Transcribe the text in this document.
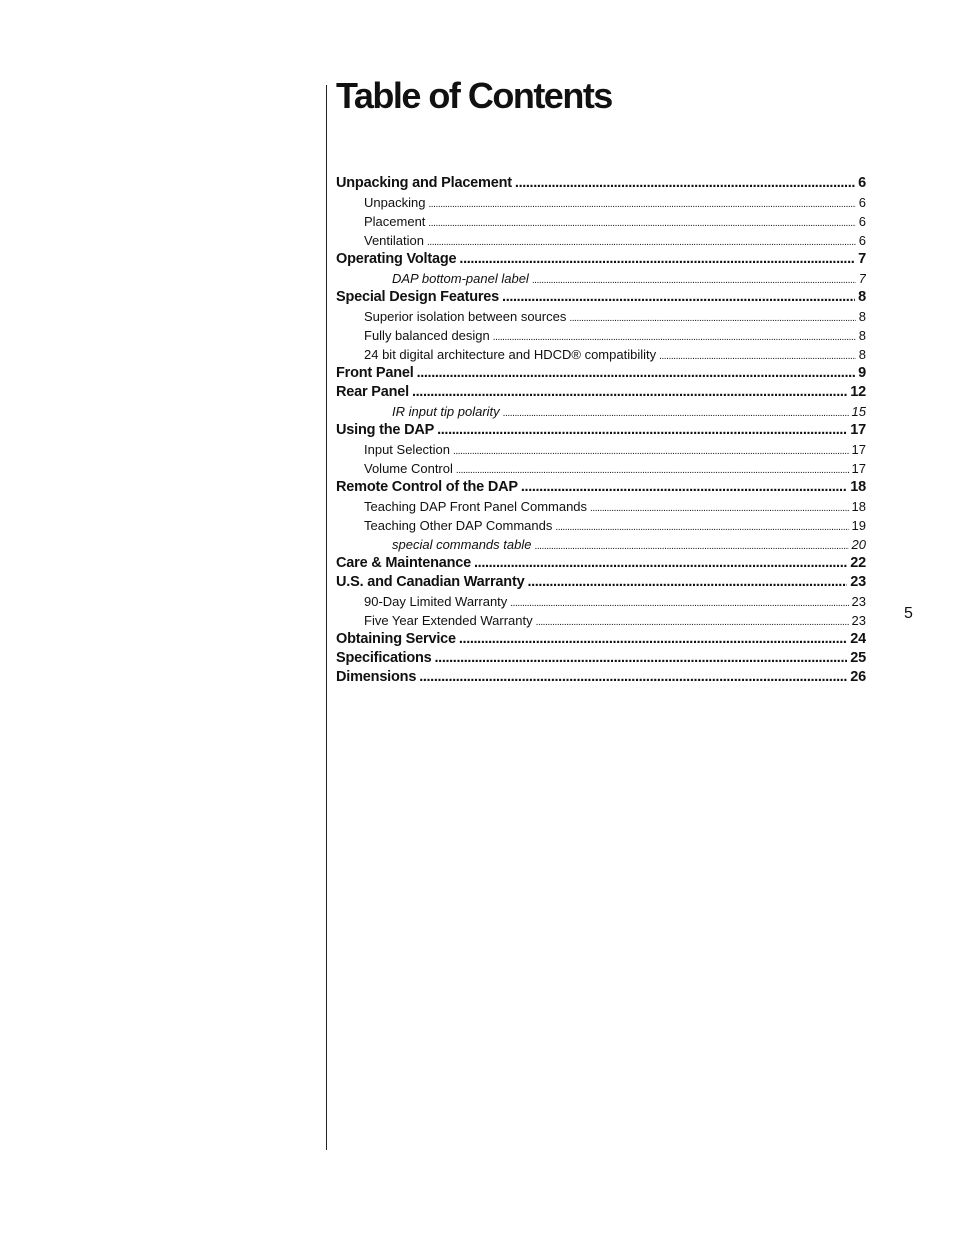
Table of Contents
Unpacking and Placement . . .	6
Unpacking . . .	6
Placement . . .	6
Ventilation . . .	6
Operating Voltage . . .	7
DAP bottom-panel label . . .	7
Special Design Features . . .	8
Superior isolation between sources . . .	8
Fully balanced design . . .	8
24 bit digital architecture and HDCD® compatibility . . .	8
Front Panel . . .	9
Rear Panel . . .	12
IR input tip polarity . . .	15
Using the DAP . . .	17
Input Selection . . .	17
Volume Control . . .	17
Remote Control of the DAP . . .	18
Teaching DAP Front Panel Commands . . .	18
Teaching Other DAP Commands . . .	19
special commands table . . .	20
Care & Maintenance . . .	22
U.S. and Canadian Warranty . . .	23
90-Day Limited Warranty . . .	23
Five Year Extended Warranty . . .	23
Obtaining Service . . .	24
Specifications . . .	25
Dimensions . . .	26
5
